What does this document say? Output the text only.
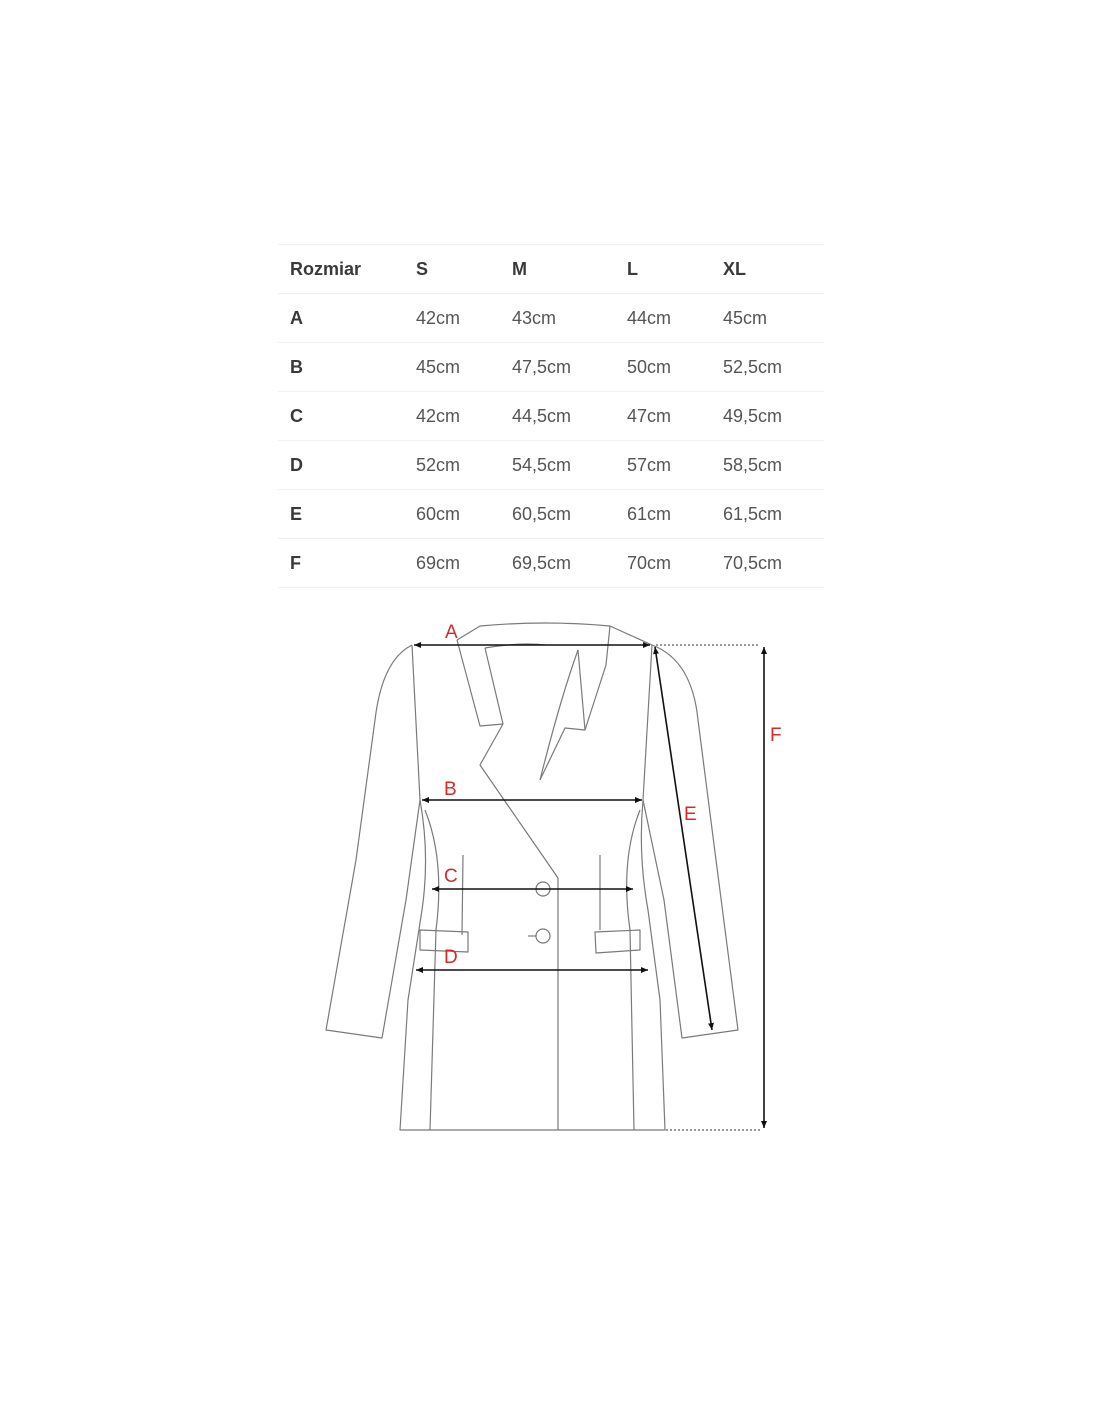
Rozmiar	S	M	L	XL
A	42cm	43cm	44cm	45cm
B	45cm	47,5cm	50cm	52,5cm
C	42cm	44,5cm	47cm	49,5cm
D	52cm	54,5cm	57cm	58,5cm
E	60cm	60,5cm	61cm	61,5cm
F	69cm	69,5cm	70cm	70,5cm
A
B
C
D
E
F
